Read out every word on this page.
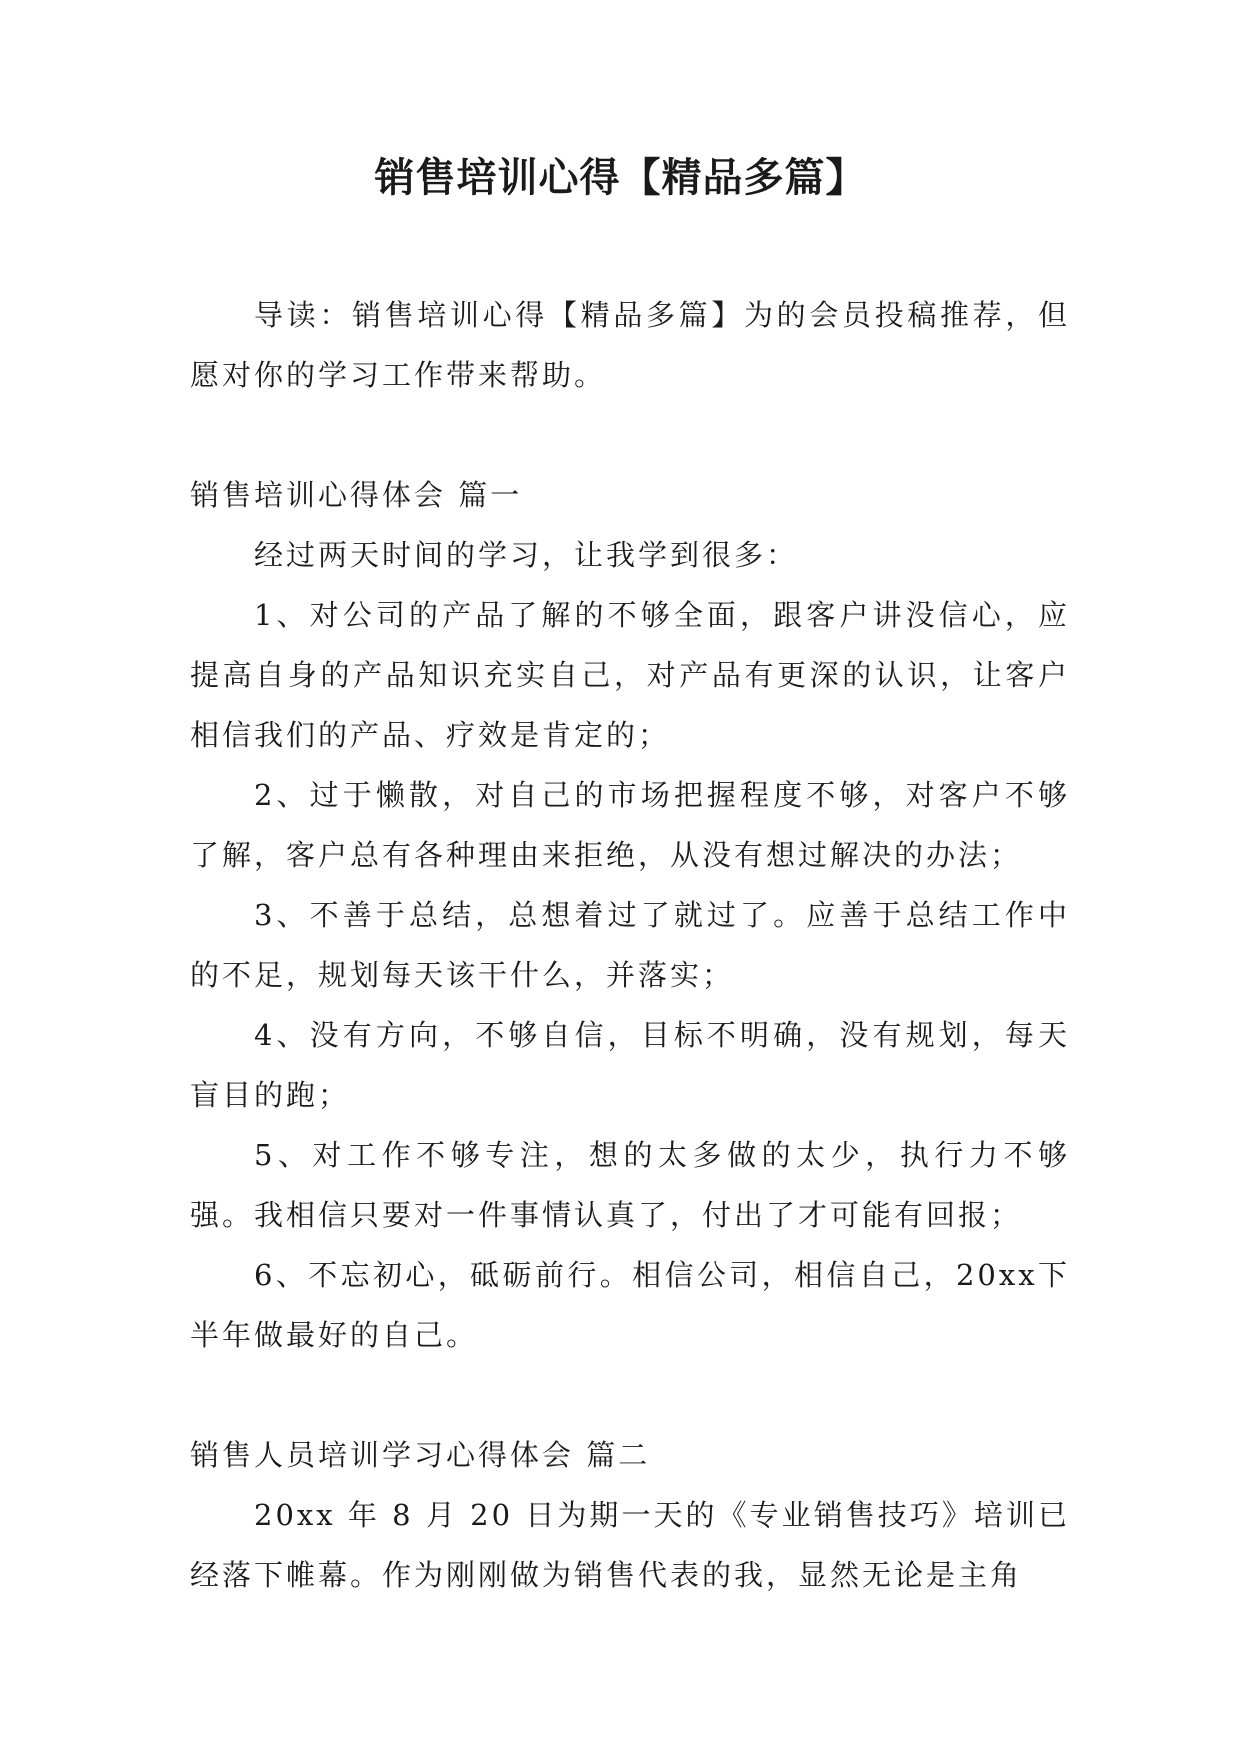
销售培训心得【精品多篇】

导读：销售培训心得【精品多篇】为的会员投稿推荐，但愿对你的学习工作带来帮助。

销售培训心得体会 篇一

经过两天时间的学习，让我学到很多：

1、对公司的产品了解的不够全面，跟客户讲没信心，应提高自身的产品知识充实自己，对产品有更深的认识，让客户相信我们的产品、疗效是肯定的；

2、过于懒散，对自己的市场把握程度不够，对客户不够了解，客户总有各种理由来拒绝，从没有想过解决的办法；

3、不善于总结，总想着过了就过了。应善于总结工作中的不足，规划每天该干什么，并落实；

4、没有方向，不够自信，目标不明确，没有规划，每天盲目的跑；

5、对工作不够专注，想的太多做的太少，执行力不够强。我相信只要对一件事情认真了，付出了才可能有回报；

6、不忘初心，砥砺前行。相信公司，相信自己，20xx下半年做最好的自己。

销售人员培训学习心得体会 篇二

20xx 年 8 月 20 日为期一天的《专业销售技巧》培训已经落下帷幕。作为刚刚做为销售代表的我，显然无论是主角
